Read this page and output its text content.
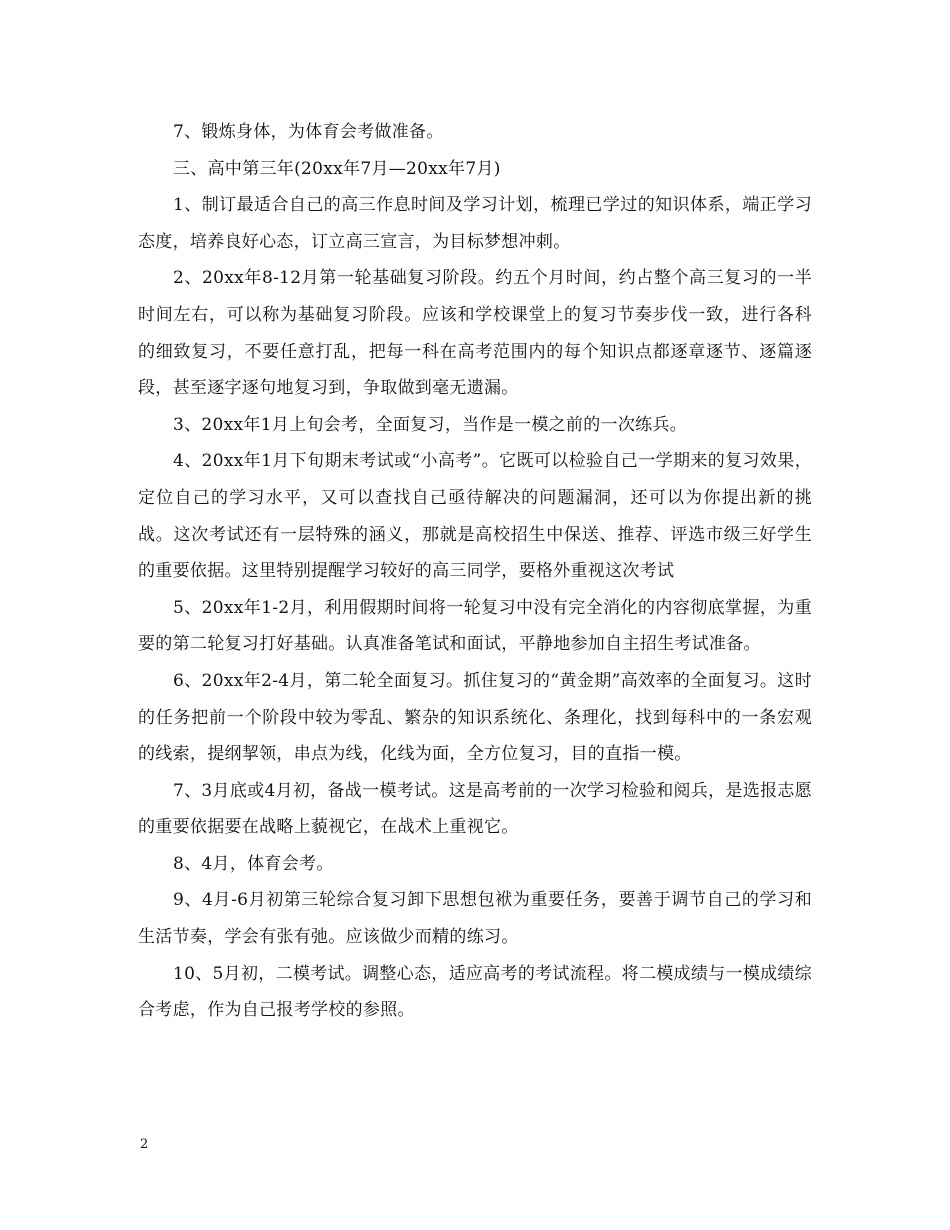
7、锻炼身体，为体育会考做准备。

三、高中第三年(20xx年7月—20xx年7月)

1、制订最适合自己的高三作息时间及学习计划，梳理已学过的知识体系，端正学习态度，培养良好心态，订立高三宣言，为目标梦想冲刺。

2、20xx年8-12月第一轮基础复习阶段。约五个月时间，约占整个高三复习的一半时间左右，可以称为基础复习阶段。应该和学校课堂上的复习节奏步伐一致，进行各科的细致复习，不要任意打乱，把每一科在高考范围内的每个知识点都逐章逐节、逐篇逐段，甚至逐字逐句地复习到，争取做到毫无遗漏。

3、20xx年1月上旬会考，全面复习，当作是一模之前的一次练兵。

4、20xx年1月下旬期末考试或“小高考”。它既可以检验自己一学期来的复习效果，定位自己的学习水平，又可以查找自己亟待解决的问题漏洞，还可以为你提出新的挑战。这次考试还有一层特殊的涵义，那就是高校招生中保送、推荐、评选市级三好学生的重要依据。这里特别提醒学习较好的高三同学，要格外重视这次考试

5、20xx年1-2月，利用假期时间将一轮复习中没有完全消化的内容彻底掌握，为重要的第二轮复习打好基础。认真准备笔试和面试，平静地参加自主招生考试准备。

6、20xx年2-4月，第二轮全面复习。抓住复习的“黄金期”高效率的全面复习。这时的任务把前一个阶段中较为零乱、繁杂的知识系统化、条理化，找到每科中的一条宏观的线索，提纲挈领，串点为线，化线为面，全方位复习，目的直指一模。

7、3月底或4月初，备战一模考试。这是高考前的一次学习检验和阅兵，是选报志愿的重要依据要在战略上藐视它，在战术上重视它。

8、4月，体育会考。

9、4月-6月初第三轮综合复习卸下思想包袱为重要任务，要善于调节自己的学习和生活节奏，学会有张有弛。应该做少而精的练习。

10、5月初，二模考试。调整心态，适应高考的考试流程。将二模成绩与一模成绩综合考虑，作为自己报考学校的参照。

2
